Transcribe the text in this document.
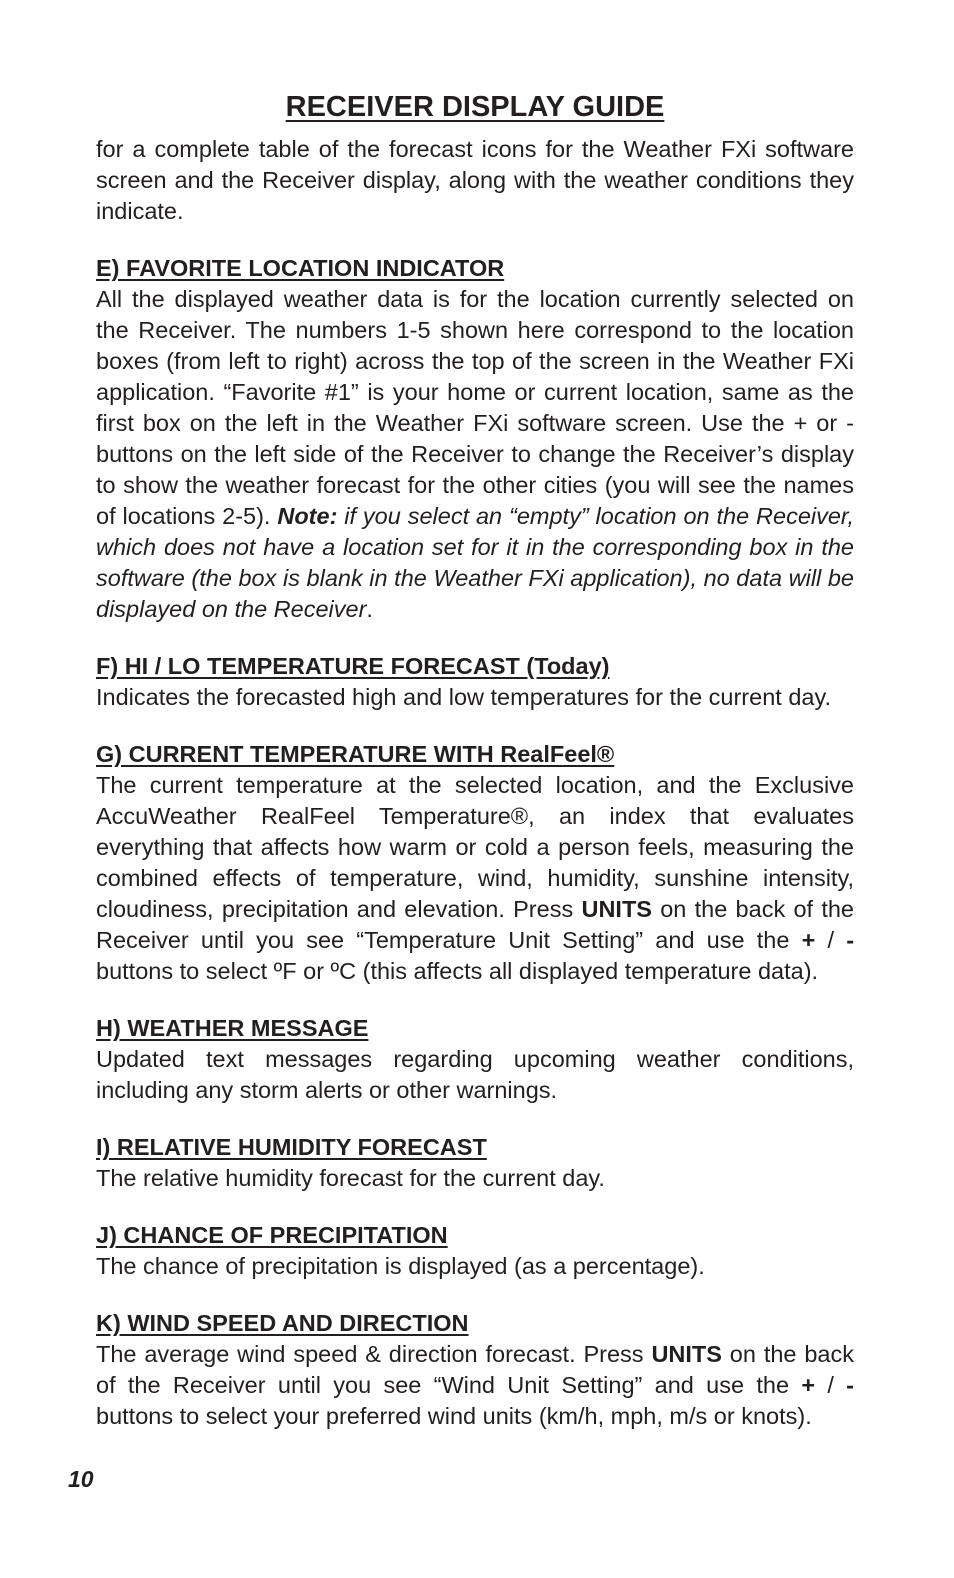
RECEIVER DISPLAY GUIDE

for a complete table of the forecast icons for the Weather FXi software screen and the Receiver display, along with the weather conditions they indicate.

E) FAVORITE LOCATION INDICATOR

All the displayed weather data is for the location currently selected on the Receiver. The numbers 1-5 shown here correspond to the location boxes (from left to right) across the top of the screen in the Weather FXi application. “Favorite #1” is your home or current location, same as the first box on the left in the Weather FXi software screen. Use the + or - buttons on the left side of the Receiver to change the Receiver’s display to show the weather forecast for the other cities (you will see the names of locations 2-5). Note: if you select an “empty” location on the Receiver, which does not have a location set for it in the corresponding box in the software (the box is blank in the Weather FXi application), no data will be displayed on the Receiver.

F) HI / LO TEMPERATURE FORECAST (Today)

Indicates the forecasted high and low temperatures for the current day.

G) CURRENT TEMPERATURE WITH RealFeel®

The current temperature at the selected location, and the Exclusive AccuWeather RealFeel Temperature®, an index that evaluates everything that affects how warm or cold a person feels, measuring the combined effects of temperature, wind, humidity, sunshine intensity, cloudiness, precipitation and elevation. Press UNITS on the back of the Receiver until you see “Temperature Unit Setting” and use the + / - buttons to select ºF or ºC (this affects all displayed temperature data).

H) WEATHER MESSAGE

Updated text messages regarding upcoming weather conditions, including any storm alerts or other warnings.

I) RELATIVE HUMIDITY FORECAST

The relative humidity forecast for the current day.

J) CHANCE OF PRECIPITATION

The chance of precipitation is displayed (as a percentage).

K) WIND SPEED AND DIRECTION

The average wind speed & direction forecast. Press UNITS on the back of the Receiver until you see “Wind Unit Setting” and use the + / - buttons to select your preferred wind units (km/h, mph, m/s or knots).

10
